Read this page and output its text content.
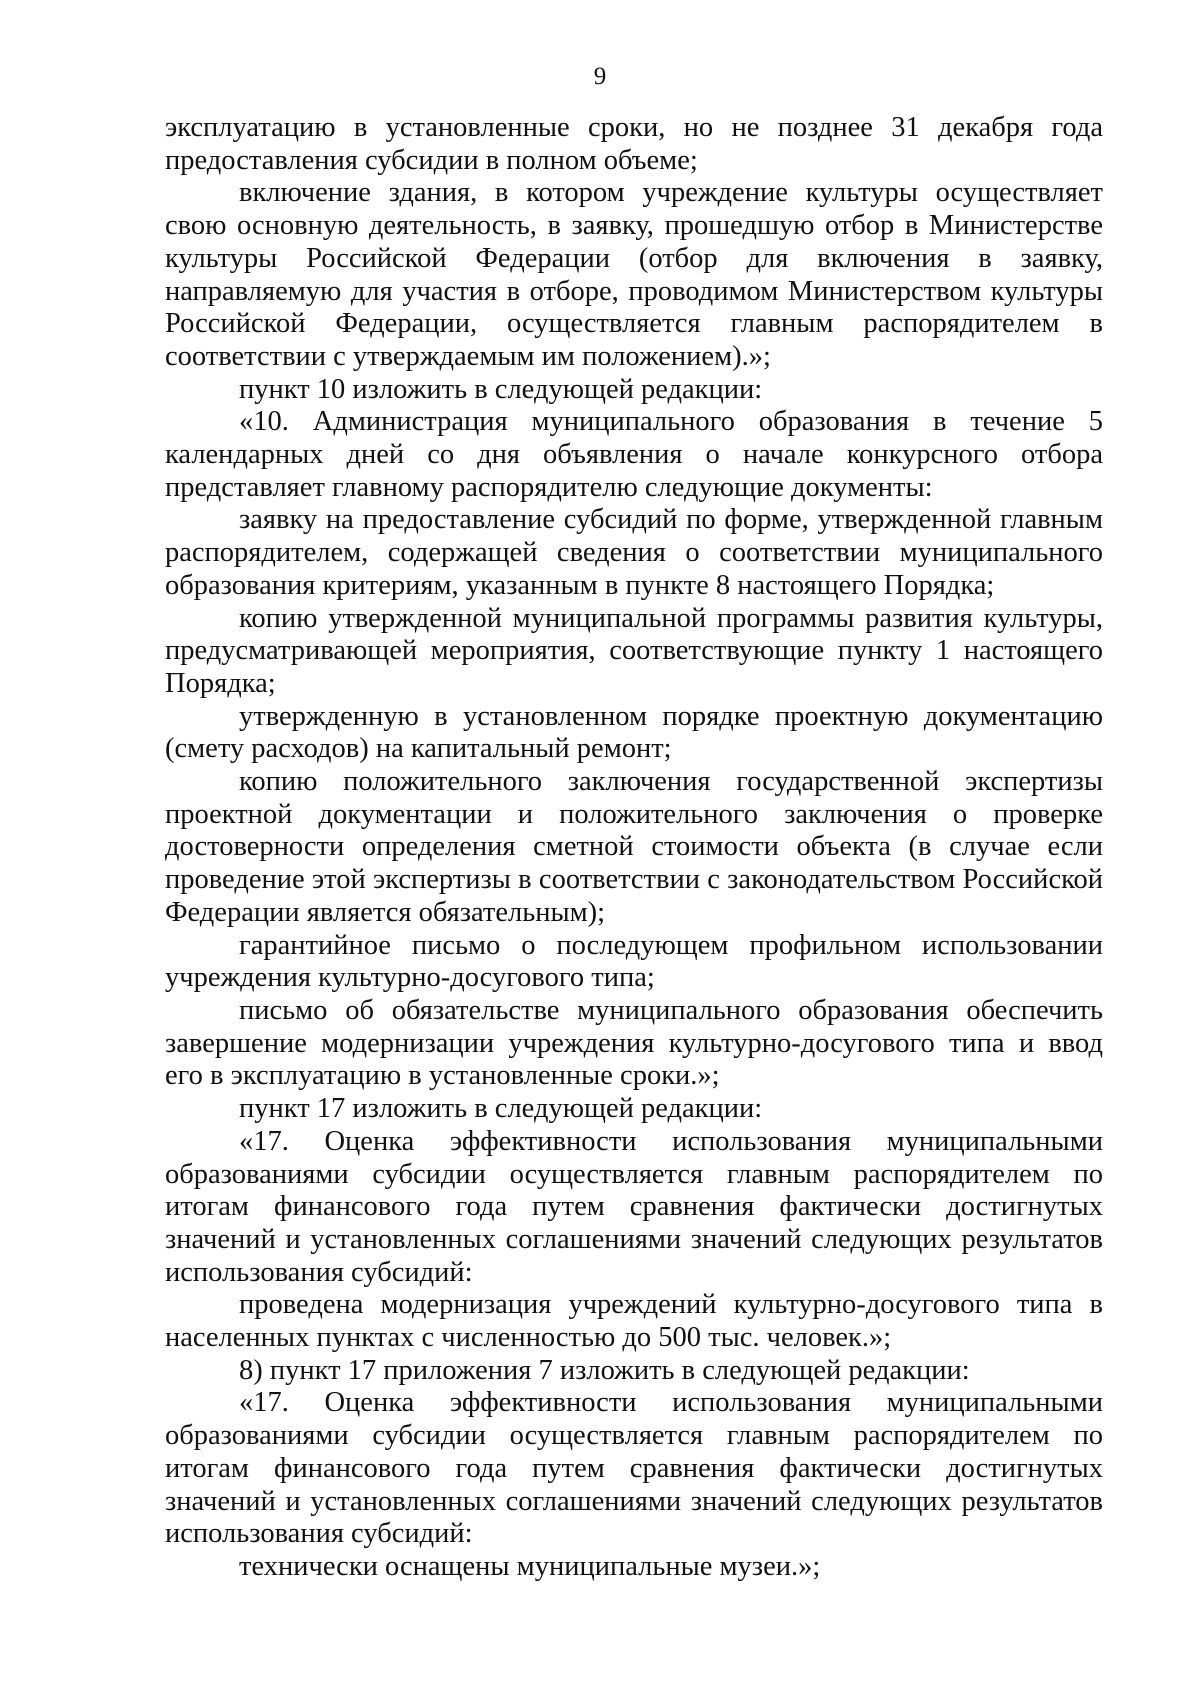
9

эксплуатацию в установленные сроки, но не позднее 31 декабря года предоставления субсидии в полном объеме;

включение здания, в котором учреждение культуры осуществляет свою основную деятельность, в заявку, прошедшую отбор в Министерстве культуры Российской Федерации (отбор для включения в заявку, направляемую для участия в отборе, проводимом Министерством культуры Российской Федерации, осуществляется главным распорядителем в соответствии с утверждаемым им положением).»;

пункт 10 изложить в следующей редакции:

«10. Администрация муниципального образования в течение 5 календарных дней со дня объявления о начале конкурсного отбора представляет главному распорядителю следующие документы:

заявку на предоставление субсидий по форме, утвержденной главным распорядителем, содержащей сведения о соответствии муниципального образования критериям, указанным в пункте 8 настоящего Порядка;

копию утвержденной муниципальной программы развития культуры, предусматривающей мероприятия, соответствующие пункту 1 настоящего Порядка;

утвержденную в установленном порядке проектную документацию (смету расходов) на капитальный ремонт;

копию положительного заключения государственной экспертизы проектной документации и положительного заключения о проверке достоверности определения сметной стоимости объекта (в случае если проведение этой экспертизы в соответствии с законодательством Российской Федерации является обязательным);

гарантийное письмо о последующем профильном использовании учреждения культурно-досугового типа;

письмо об обязательстве муниципального образования обеспечить завершение модернизации учреждения культурно-досугового типа и ввод его в эксплуатацию в установленные сроки.»;

пункт 17 изложить в следующей редакции:

«17. Оценка эффективности использования муниципальными образованиями субсидии осуществляется главным распорядителем по итогам финансового года путем сравнения фактически достигнутых значений и установленных соглашениями значений следующих результатов использования субсидий:

проведена модернизация учреждений культурно-досугового типа в населенных пунктах с численностью до 500 тыс. человек.»;

8) пункт 17 приложения 7 изложить в следующей редакции:

«17. Оценка эффективности использования муниципальными образованиями субсидии осуществляется главным распорядителем по итогам финансового года путем сравнения фактически достигнутых значений и установленных соглашениями значений следующих результатов использования субсидий:

технически оснащены муниципальные музеи.»;
